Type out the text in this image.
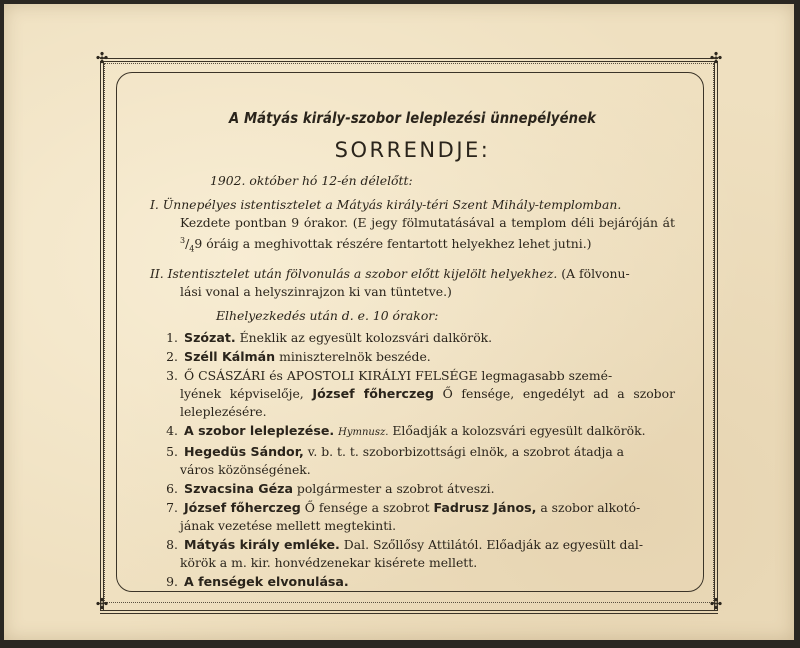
✣	✣
✣	✣

A Mátyás király-szobor leleplezési ünnepélyének

SORRENDJE:

1902. október hó 12-én délelőtt:

I. Ünnepélyes istentisztelet a Mátyás király-téri Szent Mihály-templomban.
Kezdete pontban 9 órakor. (E jegy fölmutatásával a templom déli bejáróján át $^3/_49$ óráig a meghivottak részére fentartott helyekhez lehet jutni.)
II. Istentisztelet után fölvonulás a szobor előtt kijelölt helyekhez. (A fölvonu-
lási vonal a helyszinrajzon ki van tüntetve.)

Elhelyezkedés után d. e. 10 órakor:

1. Szózat. Éneklik az egyesült kolozsvári dalkörök.
2. Széll Kálmán miniszterelnök beszéde.
3. Ő CSÁSZÁRI és APOSTOLI KIRÁLYI FELSÉGE legmagasabb szemé-
lyének képviselője, József főherczeg Ő fensége, engedélyt ad a szobor leleplezésére.
4. A szobor leleplezése. Hymnusz. Előadják a kolozsvári egyesült dalkörök.
5. Hegedüs Sándor, v. b. t. t. szoborbizottsági elnök, a szobrot átadja a
város közönségének.
6. Szvacsina Géza polgármester a szobrot átveszi.
7. József főherczeg Ő fensége a szobrot Fadrusz János, a szobor alkotó-
jának vezetése mellett megtekinti.
8. Mátyás király emléke. Dal. Szőllősy Attilától. Előadják az egyesült dal-
körök a m. kir. honvédzenekar kisérete mellett.
9. A fenségek elvonulása.
